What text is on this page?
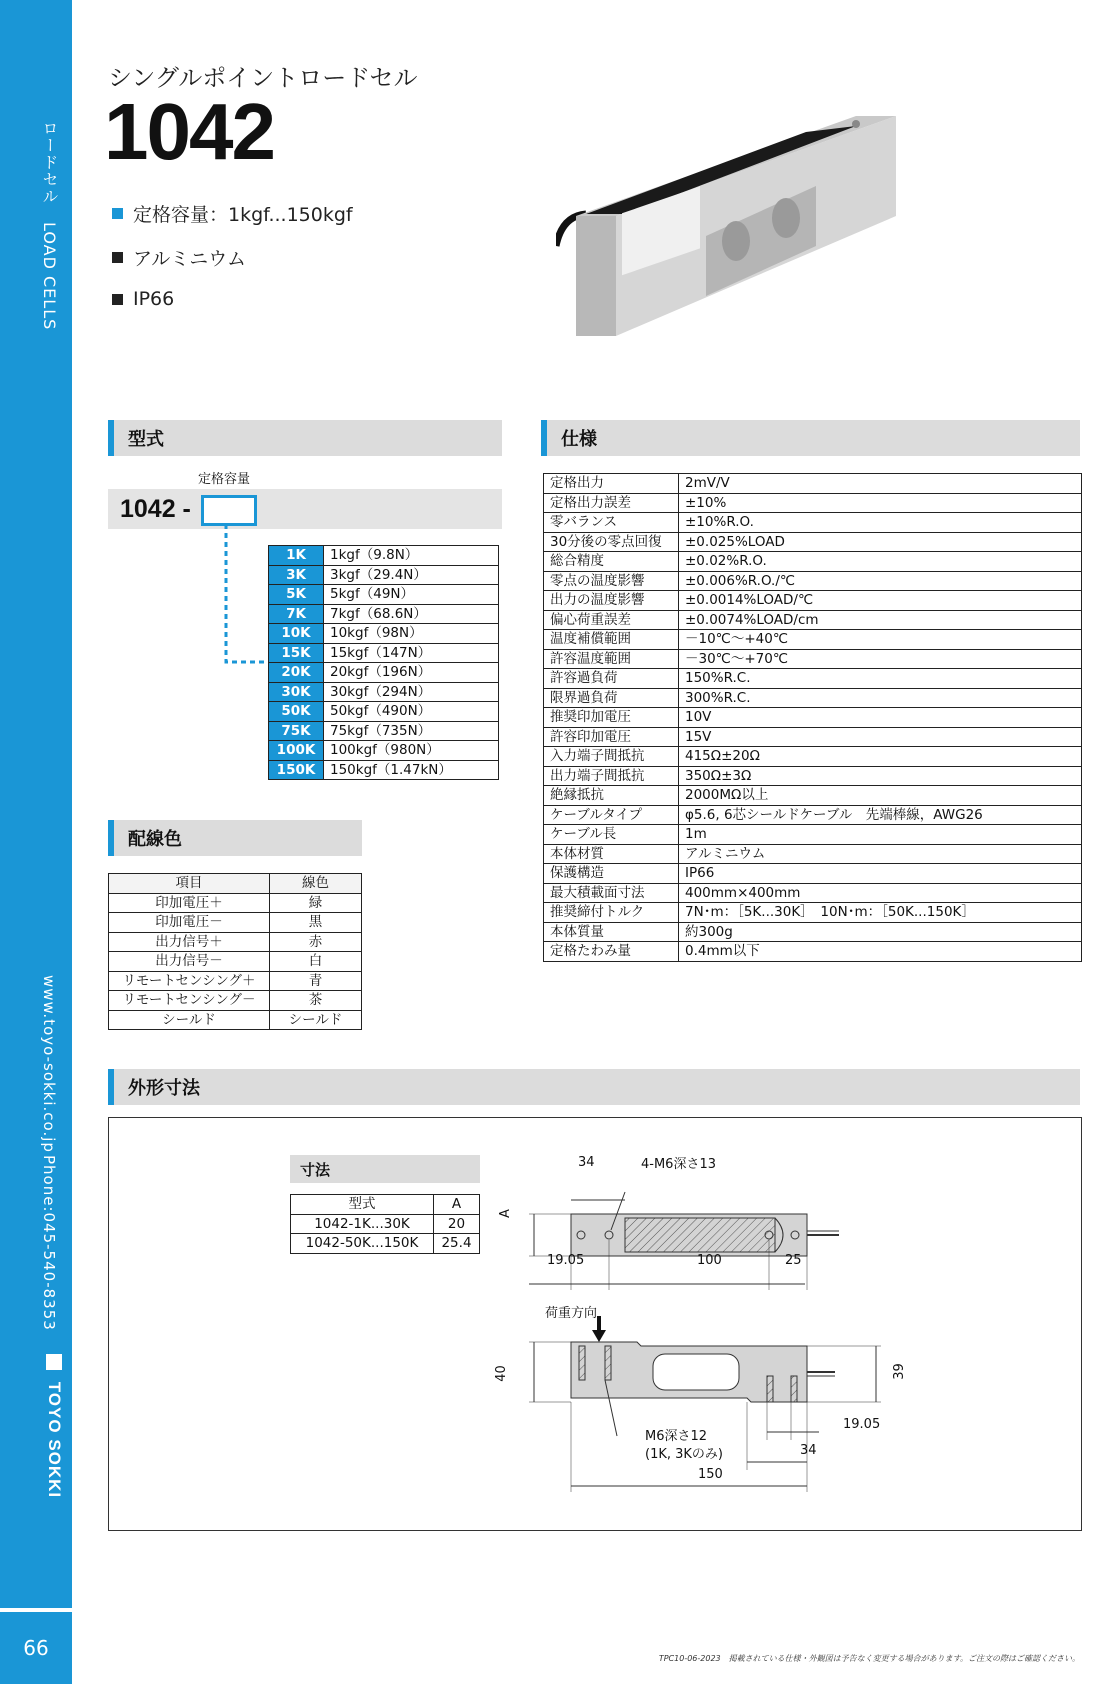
ロードセル　LOAD CELLS
www.toyo-sokki.co.jp
Phone:045-540-8353
TOYO SOKKI
66
シングルポイントロードセル
1042
定格容量：1kgf...150kgf
アルミニウム
IP66
型式
定格容量
1042 -
1K	1kgf（9.8N）
3K	3kgf（29.4N）
5K	5kgf（49N）
7K	7kgf（68.6N）
10K	10kgf（98N）
15K	15kgf（147N）
20K	20kgf（196N）
30K	30kgf（294N）
50K	50kgf（490N）
75K	75kgf（735N）
100K	100kgf（980N）
150K	150kgf（1.47kN）
配線色
項目	線色
印加電圧＋	緑
印加電圧－	黒
出力信号＋	赤
出力信号－	白
リモートセンシング＋	青
リモートセンシング－	茶
シールド	シールド
仕様
定格出力	2mV/V
定格出力誤差	±10%
零バランス	±10%R.O.
30分後の零点回復	±0.025%LOAD
総合精度	±0.02%R.O.
零点の温度影響	±0.006%R.O./℃
出力の温度影響	±0.0014%LOAD/℃
偏心荷重誤差	±0.0074%LOAD/cm
温度補償範囲	－10℃～+40℃
許容温度範囲	－30℃～+70℃
許容過負荷	150%R.C.
限界過負荷	300%R.C.
推奨印加電圧	10V
許容印加電圧	15V
入力端子間抵抗	415Ω±20Ω
出力端子間抵抗	350Ω±3Ω
絶縁抵抗	2000MΩ以上
ケーブルタイプ	φ5.6, 6芯シールドケーブル　先端棒線，AWG26
ケーブル長	1m
本体材質	アルミニウム
保護構造	IP66
最大積載面寸法	400mm×400mm
推奨締付トルク	7N･m：［5K...30K］　10N･m：［50K...150K］
本体質量	約300g
定格たわみ量	0.4mm以下
外形寸法
寸法
型式	A
1042-1K...30K	20
1042-50K...150K	25.4
34	4-M6深さ13
A
19.05	100	25
荷重方向
40	39
M6深さ12
(1K, 3Kのみ)
19.05
34
150
TPC10-06-2023　掲載されている仕様・外観図は予告なく変更する場合があります。ご注文の際はご確認ください。
